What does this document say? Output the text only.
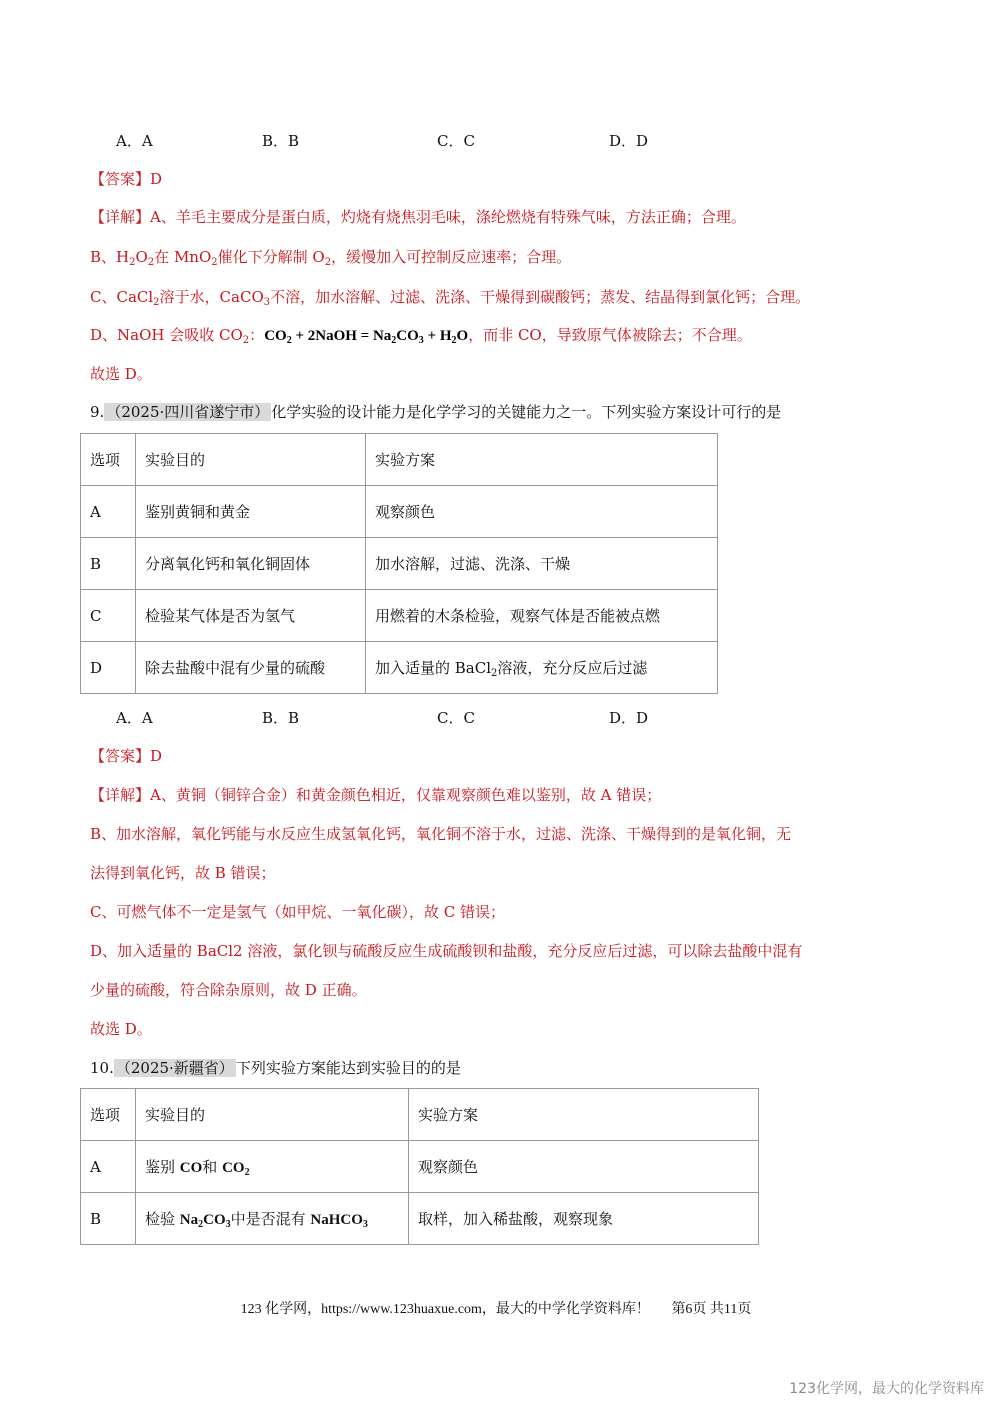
A．A	B．B	C．C	D．D
【答案】D
【详解】A、羊毛主要成分是蛋白质，灼烧有烧焦羽毛味，涤纶燃烧有特殊气味，方法正确；合理。
B、$H_2O_2$在 MnO$_2$催化下分解制 $O_2$，缓慢加入可控制反应速率；合理。
C、CaCl$_2$溶于水，CaCO$_3$不溶，加水溶解、过滤、洗涤、干燥得到碳酸钙；蒸发、结晶得到氯化钙；合理。
D、NaOH 会吸收 $CO_2$：$CO_2$ + 2NaOH = $Na_2CO_3 + H_2O$，而非 CO，导致原气体被除去；不合理。
故选 D。
9. （2025·四川省遂宁市） 化学实验的设计能力是化学学习的关键能力之一。下列实验方案设计可行的是
选项	实验目的	实验方案
A	鉴别黄铜和黄金	观察颜色
B	分离氧化钙和氧化铜固体	加水溶解，过滤、洗涤、干燥
C	检验某气体是否为氢气	用燃着的木条检验，观察气体是否能被点燃
D	除去盐酸中混有少量的硫酸	加入适量的 BaCl$_2$溶液，充分反应后过滤
A．A	B．B	C．C	D．D
【答案】D
【详解】A、黄铜（铜锌合金）和黄金颜色相近，仅靠观察颜色难以鉴别，故 A 错误；
B、加水溶解，氧化钙能与水反应生成氢氧化钙，氧化铜不溶于水，过滤、洗涤、干燥得到的是氧化铜，无
法得到氧化钙，故 B 错误；
C、可燃气体不一定是氢气（如甲烷、一氧化碳），故 C 错误；
D、加入适量的 BaCl2 溶液，氯化钡与硫酸反应生成硫酸钡和盐酸，充分反应后过滤，可以除去盐酸中混有
少量的硫酸，符合除杂原则，故 D 正确。
故选 D。
10. （2025·新疆省） 下列实验方案能达到实验目的的是
选项	实验目的	实验方案
A	鉴别 CO和 $CO_2$	观察颜色
B	检验 $Na_2CO_3$中是否混有 NaHCO$_3$	取样，加入稀盐酸，观察现象
123 化学网，https://www.123huaxue.com，最大的中学化学资料库！ 第6页 共11页
123化学网，最大的化学资料库
